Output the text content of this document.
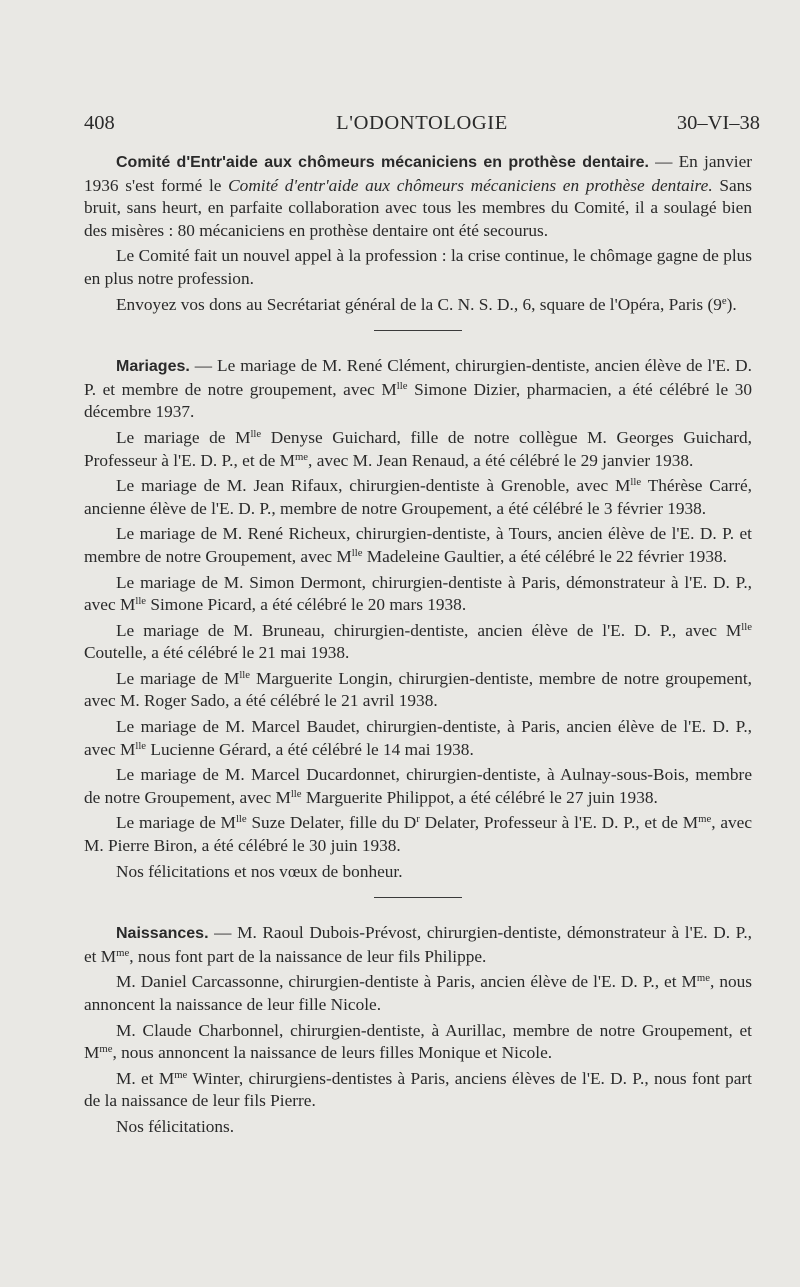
408	L'ODONTOLOGIE	30–VI–38

Comité d'Entr'aide aux chômeurs mécaniciens en prothèse dentaire. — En janvier 1936 s'est formé le Comité d'entr'aide aux chômeurs mécaniciens en prothèse dentaire. Sans bruit, sans heurt, en parfaite collaboration avec tous les membres du Comité, il a soulagé bien des misères : 80 mécaniciens en prothèse dentaire ont été secourus.

Le Comité fait un nouvel appel à la profession : la crise continue, le chômage gagne de plus en plus notre profession.

Envoyez vos dons au Secrétariat général de la C. N. S. D., 6, square de l'Opéra, Paris (9e).

Mariages. — Le mariage de M. René Clément, chirurgien-dentiste, ancien élève de l'E. D. P. et membre de notre groupement, avec $M^{lle}$ Simone Dizier, pharmacien, a été célébré le 30 décembre 1937.

Le mariage de $M^{lle}$ Denyse Guichard, fille de notre collègue M. Georges Guichard, Professeur à l'E. D. P., et de $M^{me}$, avec M. Jean Renaud, a été célébré le 29 janvier 1938.

Le mariage de M. Jean Rifaux, chirurgien-dentiste à Grenoble, avec $M^{lle}$ Thérèse Carré, ancienne élève de l'E. D. P., membre de notre Groupement, a été célébré le 3 février 1938.

Le mariage de M. René Richeux, chirurgien-dentiste, à Tours, ancien élève de l'E. D. P. et membre de notre Groupement, avec $M^{lle}$ Madeleine Gaultier, a été célébré le 22 février 1938.

Le mariage de M. Simon Dermont, chirurgien-dentiste à Paris, démonstrateur à l'E. D. P., avec $M^{lle}$ Simone Picard, a été célébré le 20 mars 1938.

Le mariage de M. Bruneau, chirurgien-dentiste, ancien élève de l'E. D. P., avec $M^{lle}$ Coutelle, a été célébré le 21 mai 1938.

Le mariage de $M^{lle}$ Marguerite Longin, chirurgien-dentiste, membre de notre groupement, avec M. Roger Sado, a été célébré le 21 avril 1938.

Le mariage de M. Marcel Baudet, chirurgien-dentiste, à Paris, ancien élève de l'E. D. P., avec $M^{lle}$ Lucienne Gérard, a été célébré le 14 mai 1938.

Le mariage de M. Marcel Ducardonnet, chirurgien-dentiste, à Aulnay-sous-Bois, membre de notre Groupement, avec $M^{lle}$ Marguerite Philippot, a été célébré le 27 juin 1938.

Le mariage de $M^{lle}$ Suze Delater, fille du $D^r$ Delater, Professeur à l'E. D. P., et de $M^{me}$, avec M. Pierre Biron, a été célébré le 30 juin 1938.

Nos félicitations et nos vœux de bonheur.

Naissances. — M. Raoul Dubois-Prévost, chirurgien-dentiste, démonstrateur à l'E. D. P., et $M^{me}$, nous font part de la naissance de leur fils Philippe.

M. Daniel Carcassonne, chirurgien-dentiste à Paris, ancien élève de l'E. D. P., et $M^{me}$, nous annoncent la naissance de leur fille Nicole.

M. Claude Charbonnel, chirurgien-dentiste, à Aurillac, membre de notre Groupement, et $M^{me}$, nous annoncent la naissance de leurs filles Monique et Nicole.

M. et $M^{me}$ Winter, chirurgiens-dentistes à Paris, anciens élèves de l'E. D. P., nous font part de la naissance de leur fils Pierre.

Nos félicitations.
